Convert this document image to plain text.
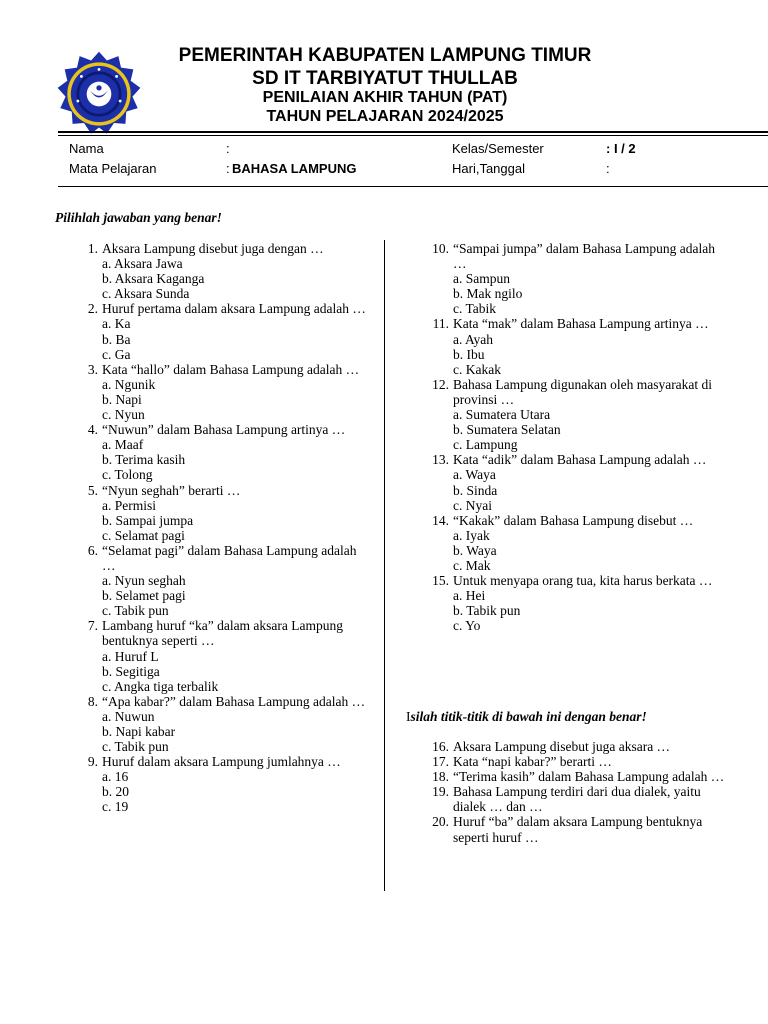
PEMERINTAH KABUPATEN LAMPUNG TIMUR
SD IT TARBIYATUT THULLAB
PENILAIAN AKHIR TAHUN (PAT)
TAHUN PELAJARAN 2024/2025
Nama	:	Kelas/Semester	: I / 2
Mata Pelajaran	: BAHASA LAMPUNG	Hari,Tanggal	:

Pilihlah jawaban yang benar!

1. Aksara Lampung disebut juga dengan …
a. Aksara Jawa
b. Aksara Kaganga
c. Aksara Sunda
2. Huruf pertama dalam aksara Lampung adalah …
a. Ka
b. Ba
c. Ga
3. Kata “hallo” dalam Bahasa Lampung adalah …
a. Ngunik
b. Napi
c. Nyun
4. “Nuwun” dalam Bahasa Lampung artinya …
a. Maaf
b. Terima kasih
c. Tolong
5. “Nyun seghah” berarti …
a. Permisi
b. Sampai jumpa
c. Selamat pagi
6. “Selamat pagi” dalam Bahasa Lampung adalah …
a. Nyun seghah
b. Selamet pagi
c. Tabik pun
7. Lambang huruf “ka” dalam aksara Lampung bentuknya seperti …
a. Huruf L
b. Segitiga
c. Angka tiga terbalik
8. “Apa kabar?” dalam Bahasa Lampung adalah …
a. Nuwun
b. Napi kabar
c. Tabik pun
9. Huruf dalam aksara Lampung jumlahnya …
a. 16
b. 20
c. 19
10. “Sampai jumpa” dalam Bahasa Lampung adalah …
a. Sampun
b. Mak ngilo
c. Tabik
11. Kata “mak” dalam Bahasa Lampung artinya …
a. Ayah
b. Ibu
c. Kakak
12. Bahasa Lampung digunakan oleh masyarakat di provinsi …
a. Sumatera Utara
b. Sumatera Selatan
c. Lampung
13. Kata “adik” dalam Bahasa Lampung adalah …
a. Waya
b. Sinda
c. Nyai
14. “Kakak” dalam Bahasa Lampung disebut …
a. Iyak
b. Waya
c. Mak
15. Untuk menyapa orang tua, kita harus berkata …
a. Hei
b. Tabik pun
c. Yo

Isilah titik-titik di bawah ini dengan benar!

16. Aksara Lampung disebut juga aksara …
17. Kata “napi kabar?” berarti …
18. “Terima kasih” dalam Bahasa Lampung adalah …
19. Bahasa Lampung terdiri dari dua dialek, yaitu dialek … dan …
20. Huruf “ba” dalam aksara Lampung bentuknya seperti huruf …
